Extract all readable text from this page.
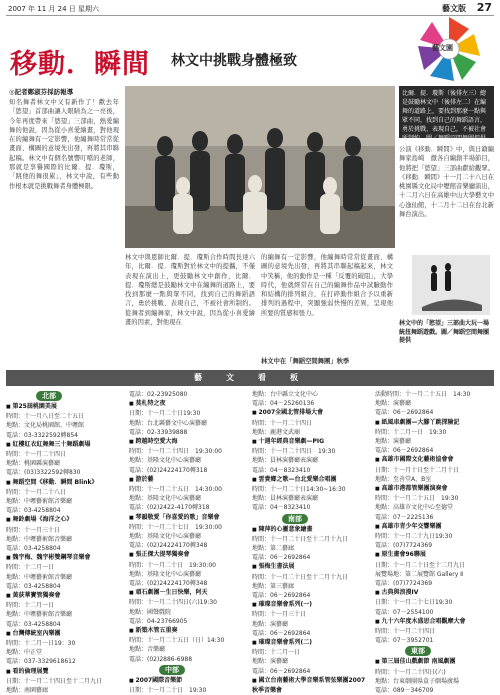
2007 年 11 月 24 日 星期六	藝文版 27
藝文園
移動．瞬間 林文中挑戰身體極致
◎記者鄭淑芬採訪報導
知名舞者林文中又有新作了！歡去年「慾望」首部曲讓人眼睛為之一亮後，今年再度帶來「慾望」三部曲，熱愛編舞的他說，因為從小喜愛繪畫，對他現在的編舞有一定影響，他編舞時常常從畫面、構圖的意境先出發，再將其串聯起稿。林文中有個名號響叮噹的老師，那就是享譽國際的比爾．提．瓊斯，「跳他的舞很累」，林文中說，有些動作根本就是挑戰舞者身體極限。
比爾．提．瓊斯（後排左三）總是鼓勵林文中（後排左二）在編舞的道路上，要找到那麼一點與眾不同，找到自己的舞蹈語言，勇於挑戰、表現自己，不被社會所制約。圖／舞蹈空間舞團提供
林文中與恩師比爾．提．瓊斯合作時間長達六年，比爾．提．瓊斯對於林文中的提攜，不僅表現在演出上，更鼓勵林文中創作，比爾．提．瓊斯總是鼓勵林文中在編舞的道路上，要找到那麼一點與眾不同，找到自己的舞蹈語言，勇於挑戰、表現自己，不被社會所制約。從舞者到編舞家，林文中說，因為從小喜愛繪畫的因素，對他現在
的編舞有一定影響，他編舞時常常從畫面、構圖的意境先出發，再將其串聯起稿起來，林文中笑稱，他的動作是一種「反覆的破阻」，大學時代，他就經常在自己的編舞作品中試驗動作和結構的排列組合，在打碎動作組合予以重新排列的過程中，突顯強弱快慢的差異，呈現他所要的質感和張力。
林文中在「舞蹈空間舞團」秋季
公演《移動．瞬間》中，與日籍編舞家島崎　徹各自編創半場節目，他將把「慾望」三部曲獻給觀眾。《移動．瞬間》十一月二十八日在桃園縣文化局中壢館音樂廳演出，十二月六日在高雄中山大學藝文中心逸仙館，十二月十二日在台北新舞台演出。
林文中的「慾望」三部曲大玩一場統扭舞蹈遊戲。圖／舞蹈空間舞團提供
藝　文　看　板
北部

■ 第25屆桃園美展
時間：十一月八日至二十五日
地點：文化局桃園館、中壢館
電話：03-3322592轉854
■ 紅樓紅衣紅舞舞三十舞蹈劇場
時間：十一月二十四日
地點：桃園縣演藝廳
電話：(03)3322592轉830
■ 舞蹈空間《移動．瞬間 Blink》
時間：十一月二十八日
地點：中壢藝術館音樂廳
電話：03-4258804
■ 舞鈴劇場《海洋之心》
時間：十一月三十日
地點：中壢藝術館音樂廳
電話：03-4258804
■ 魏宇梅、魏宇彬雙鋼琴音樂會
時間：十二月一日
地點：中壢藝術館音樂廳
電話：03-4258804
■ 黃荻華寶管獨奏會
時間：十二月一日
地點：中壢藝術館音樂廳
電話：03-4258804
■ 台灣傳統室內樂團
時間：十二月一日19：30
地點：中正堂
電話：037-3329618612
■ 看的倫理展覽
日期：十一月二十四日至十二月九日
地點：南園藝廊
電話：02-23925080
■ 莫札特之夜
日期：十一月二十日19:30
地點：台北縣藝文中心演藝廳
電話：02-33939888
■ 跨越時空愛大海
時間：十一月二十四日　19:30:00
地點：基隆文化中心演藝廳
電話：(02)24224170轉318
■ 游於藝
時間：十一月二十五日　14:30:00
地點：基隆文化中心演藝廳
電話：(02)2422-4170轉318
■ 琴韻敬愛「你喜愛的歌」音樂會
時間：十一月二十七日　19:30:00
地點：基隆文化中心演藝廳
電話：(02)24224170轉348
■ 張正傑大提琴獨奏會
時間：十一月二十日　19:30:00
地點：基隆文化中心演藝廳
電話：(02)24224170轉348
■ 頑石劇團－生日快樂，阿天
時間：十一月二十四日(六)19:30
地點：國聲戲院
電話：04-23766905
■ 新築木管五重奏
時間：十一月二十五日（日）14:30
地點：音樂廳
電話：(02)2886-6988
中部

■ 2007國際音樂節
日期：十一月二十日　19:30
地點：台中縣立文化中心
電話：04－25260136
■ 2007全國北管排場大會
時間：十一月二十四日
地點：鹿港文武廟
■ 十週年經典音樂劇—PIG
時間：十一月二十四日　19:30
地點：員林演藝廳表演廳
電話：04－8323410
■ 雲貴鄉之歌—台北愛樂合唱團
時間：十一月二十日14:30~16:30
地點：員林演藝廳表演廳
電話：04－8323410
南部

■ 陳萍的心靈意象繪畫
時間：十一月二十日至十二月十九日
地點：第二藝廊
電話：06－2692864
■ 張梅生書法展
時間：十一月二十日至十二月十九日
地點：第三藝廊
電話：06－2692864
■ 璀璨音樂會系列(一)
時間：十一月三十日
地點：演藝廳
電話：06－2692864
■ 璀璨音樂會系列(二)
時間：十二月一日
地點：演藝廳
電話：06－2692864
■ 國立台南藝術大學音樂系管弦樂團2007秋季音樂會
活動時間：十一月二十五日　14:30
地點：演藝廳
電話：06－2692864
■ 紙風車劇團—大腳丫跳探險記
時間：十二月一日　19:30
地點：演藝廳
電話：06－2692864
■ 高雄市國際文化藝術協會會
日期：十一月十日至十二月十日
地點：至善堂A、B室
■ 高雄市港都管樂團演奏會
時間：十一月二十五日　19:30
地點：高雄市文化中心至德堂
電話：07－2225136
■ 高雄市青少年交響樂團
時間：十一月二十九日19:30
電話：(07)7724369
■ 原生畫會96聯展
日期：十一月二十日至十二月九日
展覽場地：第二展覽館 Gallery Ⅱ
電話：(07)7724369
■ 古典與浪漫IV
日期：十一月二十七日19:30
電話：07－2554100
■ 九十六年度木盛思合唱觀摩大會
時間：十一月二十四日
電話：07－3952701
東部

■ 第三屆佳山戲劇節 南風劇團
時間：十一月二十四日(六)
地點：台東劇團県盒子劇場廣場
電話：089－346709
